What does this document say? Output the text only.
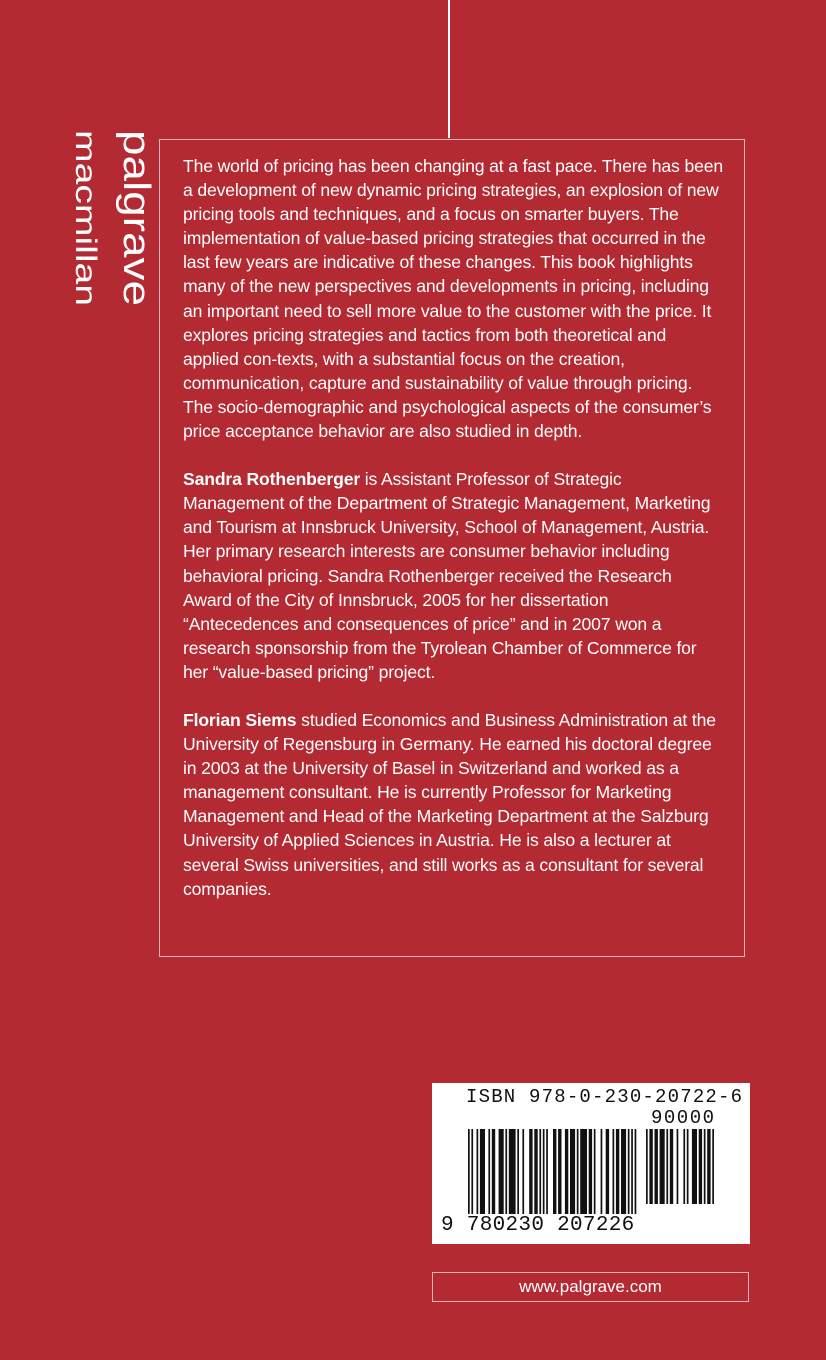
palgrave
macmillan	The world of pricing has been changing at a fast pace. There has been a development of new dynamic pricing strategies, an explosion of new pricing tools and techniques, and a focus on smarter buyers. The implementation of value-based pricing strategies that occurred in the last few years are indicative of these changes. This book highlights many of the new perspectives and developments in pricing, including an important need to sell more value to the customer with the price. It explores pricing strategies and tactics from both theoretical and applied con-texts, with a substantial focus on the creation, communication, capture and sustainability of value through pricing. The socio-demographic and psychological aspects of the consumer’s price acceptance behavior are also studied in depth.

Sandra Rothenberger is Assistant Professor of Strategic Management of the Department of Strategic Management, Marketing and Tourism at Innsbruck University, School of Management, Austria. Her primary research interests are consumer behavior including behavioral pricing. Sandra Rothenberger received the Research Award of the City of Innsbruck, 2005 for her dissertation “Antecedences and consequences of price” and in 2007 won a research sponsorship from the Tyrolean Chamber of Commerce for her “value-based pricing” project.

Florian Siems studied Economics and Business Administration at the University of Regensburg in Germany. He earned his doctoral degree in 2003 at the University of Basel in Switzerland and worked as a management consultant. He is currently Professor for Marketing Management and Head of the Marketing Department at the Salzburg University of Applied Sciences in Austria. He is also a lecturer at several Swiss universities, and still works as a consultant for several companies.

ISBN 978-0-230-20722-6
90000
9 780230 207226
www.palgrave.com
